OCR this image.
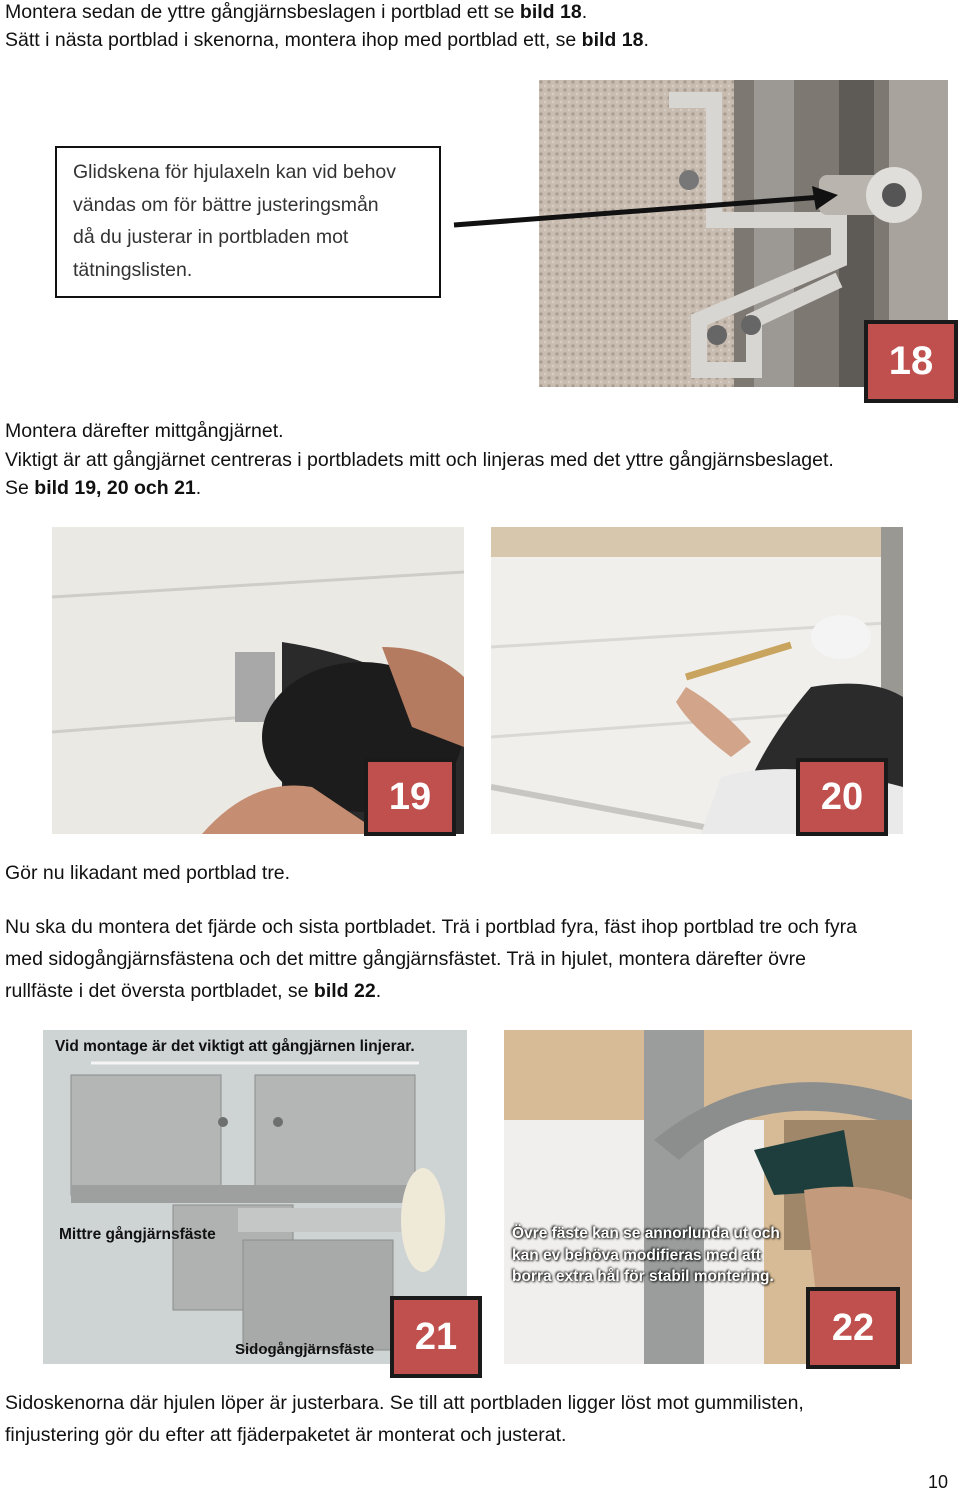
Montera sedan de yttre gångjärnsbeslagen i portblad ett se bild 18.
Sätt i nästa portblad i skenorna, montera ihop med portblad ett, se bild 18.
Glidskena för hjulaxeln kan vid behov
vändas om för bättre justeringsmån
då du justerar in portbladen mot
tätningslisten.
18
Montera därefter mittgångjärnet.
Viktigt är att gångjärnet centreras i portbladets mitt och linjeras med det yttre gångjärnsbeslaget.
Se bild 19, 20 och 21.
19	20
Gör nu likadant med portblad tre.
Nu ska du montera det fjärde och sista portbladet. Trä i portblad fyra, fäst ihop portblad tre och fyra
med sidogångjärnsfästena och det mittre gångjärnsfästet. Trä in hjulet, montera därefter övre
rullfäste i det översta portbladet, se bild 22.
Vid montage är det viktigt att gångjärnen linjerar.
Mittre gångjärnsfäste
Sidogångjärnsfäste	21
Övre fäste kan se annorlunda ut och
kan ev behöva modifieras med att
borra extra hål för stabil montering.
22
Sidoskenorna där hjulen löper är justerbara. Se till att portbladen ligger löst mot gummilisten,
finjustering gör du efter att fjäderpaketet är monterat och justerat.
10
